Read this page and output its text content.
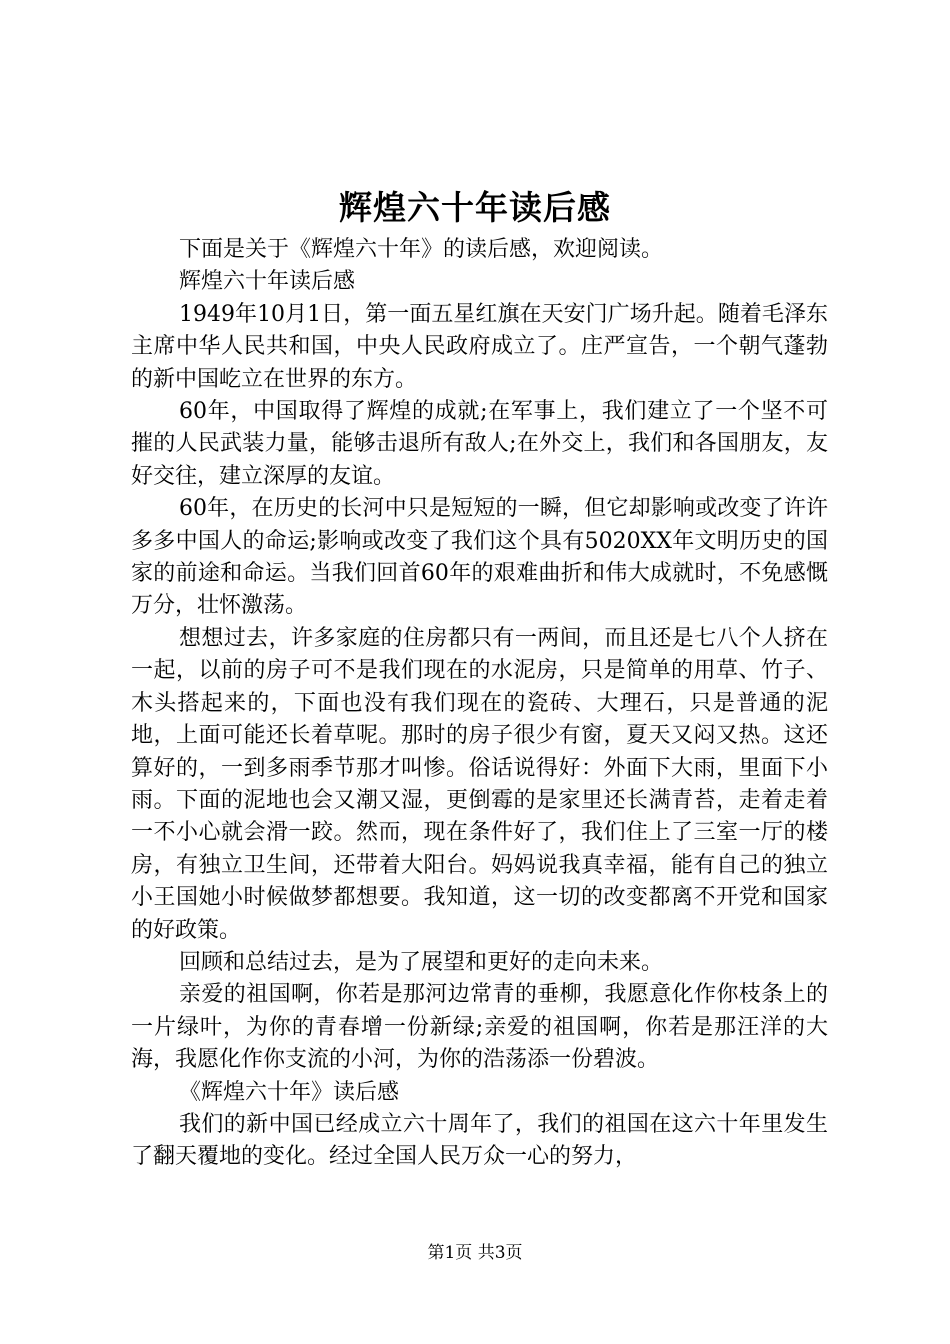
辉煌六十年读后感

下面是关于《辉煌六十年》的读后感，欢迎阅读。

辉煌六十年读后感

1949年10月1日，第一面五星红旗在天安门广场升起。随着毛泽东主席中华人民共和国，中央人民政府成立了。庄严宣告，一个朝气蓬勃的新中国屹立在世界的东方。

60年，中国取得了辉煌的成就;在军事上，我们建立了一个坚不可摧的人民武装力量，能够击退所有敌人;在外交上，我们和各国朋友，友好交往，建立深厚的友谊。

60年，在历史的长河中只是短短的一瞬，但它却影响或改变了许许多多中国人的命运;影响或改变了我们这个具有5020XX年文明历史的国家的前途和命运。当我们回首60年的艰难曲折和伟大成就时，不免感慨万分，壮怀激荡。

想想过去，许多家庭的住房都只有一两间，而且还是七八个人挤在一起，以前的房子可不是我们现在的水泥房，只是简单的用草、竹子、木头搭起来的，下面也没有我们现在的瓷砖、大理石，只是普通的泥地，上面可能还长着草呢。那时的房子很少有窗，夏天又闷又热。这还算好的，一到多雨季节那才叫惨。俗话说得好：外面下大雨，里面下小雨。下面的泥地也会又潮又湿，更倒霉的是家里还长满青苔，走着走着一不小心就会滑一跤。然而，现在条件好了，我们住上了三室一厅的楼房，有独立卫生间，还带着大阳台。妈妈说我真幸福，能有自己的独立小王国她小时候做梦都想要。我知道，这一切的改变都离不开党和国家的好政策。

回顾和总结过去，是为了展望和更好的走向未来。

亲爱的祖国啊，你若是那河边常青的垂柳，我愿意化作你枝条上的一片绿叶，为你的青春增一份新绿;亲爱的祖国啊，你若是那汪洋的大海，我愿化作你支流的小河，为你的浩荡添一份碧波。

《辉煌六十年》读后感

我们的新中国已经成立六十周年了，我们的祖国在这六十年里发生了翻天覆地的变化。经过全国人民万众一心的努力，

第1页 共3页
